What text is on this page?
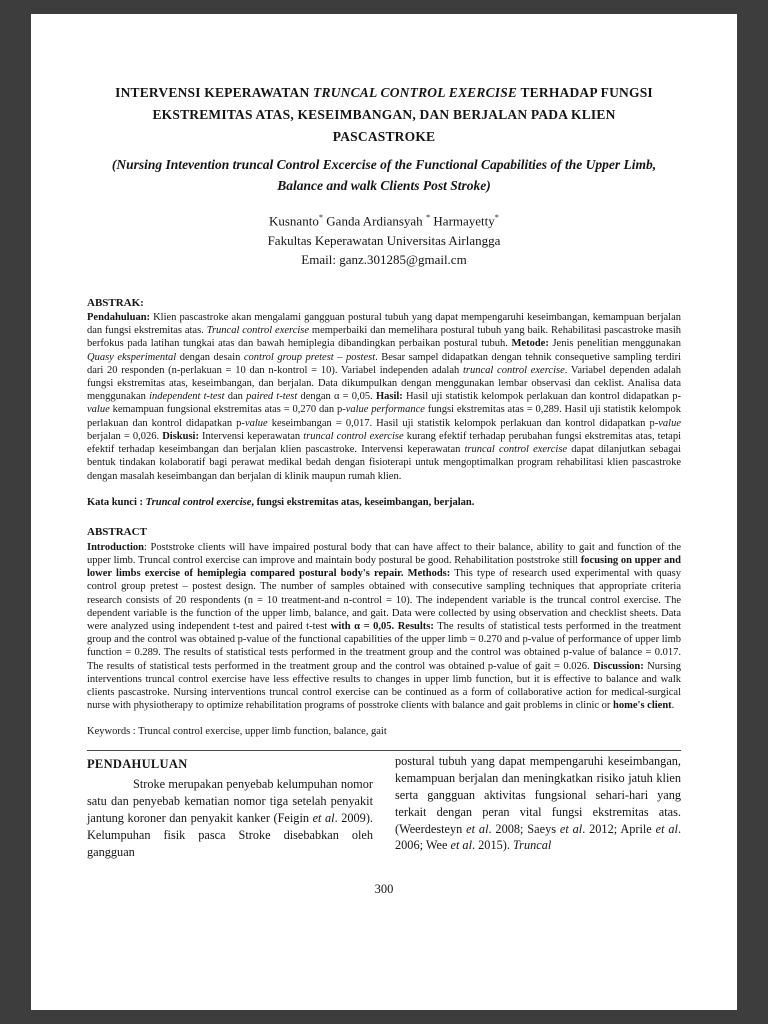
INTERVENSI KEPERAWATAN TRUNCAL CONTROL EXERCISE TERHADAP FUNGSI EKSTREMITAS ATAS, KESEIMBANGAN, DAN BERJALAN PADA KLIEN PASCASTROKE
(Nursing Intevention truncal Control Excercise of the Functional Capabilities of the Upper Limb, Balance and walk Clients Post Stroke)

Kusnanto* Ganda Ardiansyah * Harmayetty*

Fakultas Keperawatan Universitas Airlangga

Email: ganz.301285@gmail.cm

ABSTRAK:

Pendahuluan: Klien pascastroke akan mengalami gangguan postural tubuh yang dapat mempengaruhi keseimbangan, kemampuan berjalan dan fungsi ekstremitas atas. Truncal control exercise memperbaiki dan memelihara postural tubuh yang baik. Rehabilitasi pascastroke masih berfokus pada latihan tungkai atas dan bawah hemiplegia dibandingkan perbaikan postural tubuh. Metode: Jenis penelitian menggunakan Quasy eksperimental dengan desain control group pretest – postest. Besar sampel didapatkan dengan tehnik consequetive sampling terdiri dari 20 responden (n-perlakuan = 10 dan n-kontrol = 10). Variabel independen adalah truncal control exercise. Variabel dependen adalah fungsi ekstremitas atas, keseimbangan, dan berjalan. Data dikumpulkan dengan menggunakan lembar observasi dan ceklist. Analisa data menggunakan independent t-test dan paired t-test dengan α = 0,05. Hasil: Hasil uji statistik kelompok perlakuan dan kontrol didapatkan p-value kemampuan fungsional ekstremitas atas = 0,270 dan p-value performance fungsi ekstremitas atas = 0,289. Hasil uji statistik kelompok perlakuan dan kontrol didapatkan p-value keseimbangan = 0,017. Hasil uji statistik kelompok perlakuan dan kontrol didapatkan p-value berjalan = 0,026. Diskusi: Intervensi keperawatan truncal control exercise kurang efektif terhadap perubahan fungsi ekstremitas atas, tetapi efektif terhadap keseimbangan dan berjalan klien pascastroke. Intervensi keperawatan truncal control exercise dapat dilanjutkan sebagai bentuk tindakan kolaboratif bagi perawat medikal bedah dengan fisioterapi untuk mengoptimalkan program rehabilitasi klien pascastroke dengan masalah keseimbangan dan berjalan di klinik maupun rumah klien.

Kata kunci : Truncal control exercise, fungsi ekstremitas atas, keseimbangan, berjalan.

ABSTRACT

Introduction: Poststroke clients will have impaired postural body that can have affect to their balance, ability to gait and function of the upper limb. Truncal control exercise can improve and maintain body postural be good. Rehabilitation poststroke still focusing on upper and lower limbs exercise of hemiplegia compared postural body's repair. Methods: This type of research used experimental with quasy control group pretest – postest design. The number of samples obtained with consecutive sampling techniques that appropriate criteria research consists of 20 respondents (n = 10 treatment-and n-control = 10). The independent variable is the truncal control exercise. The dependent variable is the function of the upper limb, balance, and gait. Data were collected by using observation and checklist sheets. Data were analyzed using independent t-test and paired t-test with α = 0,05. Results: The results of statistical tests performed in the treatment group and the control was obtained p-value of the functional capabilities of the upper limb = 0.270 and p-value of performance of upper limb function = 0.289. The results of statistical tests performed in the treatment group and the control was obtained p-value of balance = 0.017. The results of statistical tests performed in the treatment group and the control was obtained p-value of gait = 0.026. Discussion: Nursing interventions truncal control exercise have less effective results to changes in upper limb function, but it is effective to balance and walk clients pascastroke. Nursing interventions truncal control exercise can be continued as a form of collaborative action for medical-surgical nurse with physiotherapy to optimize rehabilitation programs of posstroke clients with balance and gait problems in clinic or home's client.

Keywords : Truncal control exercise, upper limb function, balance, gait

PENDAHULUAN

Stroke merupakan penyebab kelumpuhan nomor satu dan penyebab kematian nomor tiga setelah penyakit jantung koroner dan penyakit kanker (Feigin et al. 2009). Kelumpuhan fisik pasca Stroke disebabkan oleh gangguan

postural tubuh yang dapat mempengaruhi keseimbangan, kemampuan berjalan dan meningkatkan risiko jatuh klien serta gangguan aktivitas fungsional sehari-hari yang terkait dengan peran vital fungsi ekstremitas atas. (Weerdesteyn et al. 2008; Saeys et al. 2012; Aprile et al. 2006; Wee et al. 2015). Truncal

300
